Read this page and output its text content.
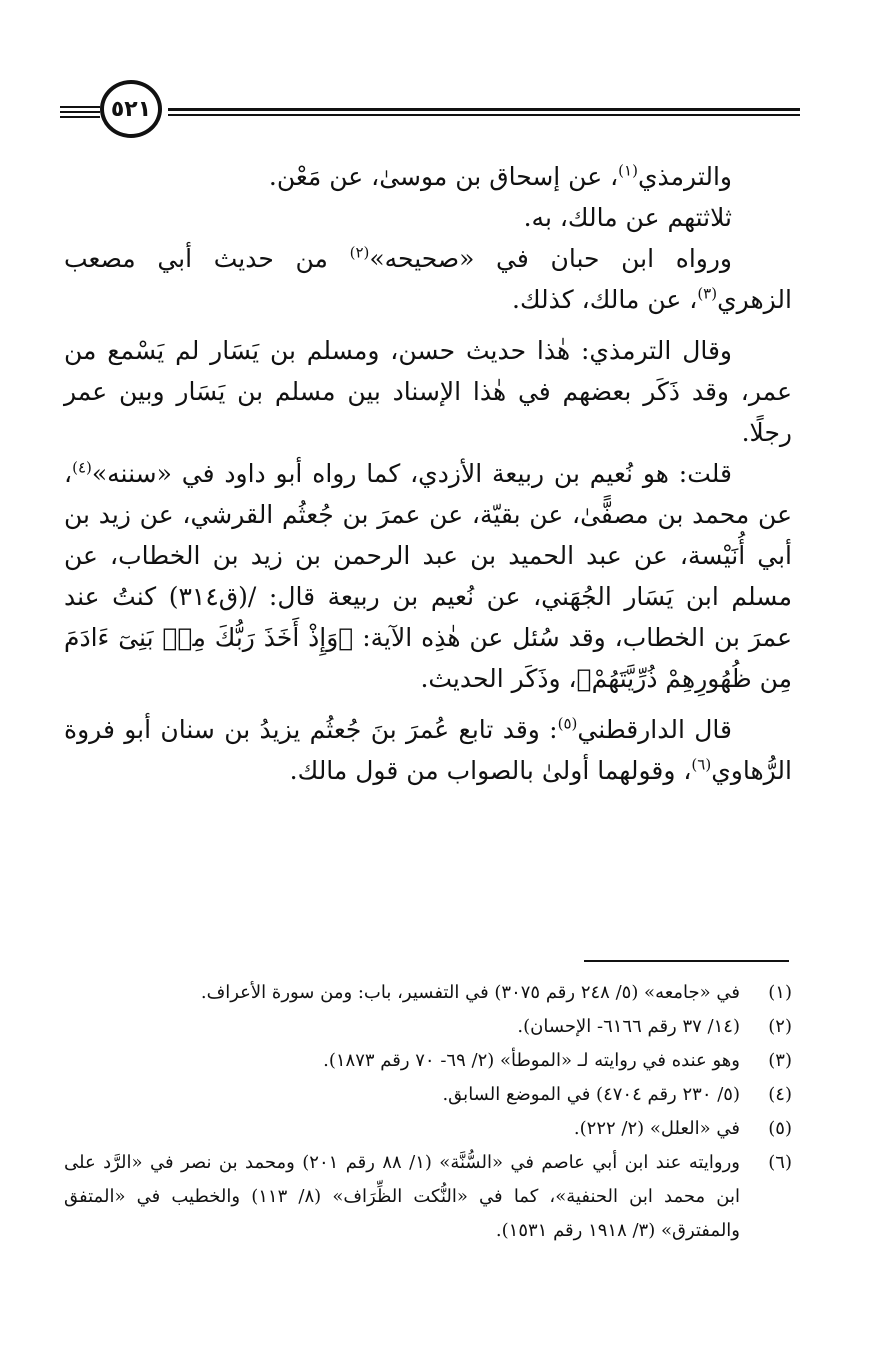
٥٢١

والترمذي$^{(١)}$، عن إسحاق بن موسىٰ، عن مَعْن.

ثلاثتهم عن مالك، به.

ورواه ابن حبان في «صحيحه»$^{(٢)}$ من حديث أبي مصعب الزهري$^{(٣)}$، عن مالك، كذلك.

وقال الترمذي: هٰذا حديث حسن، ومسلم بن يَسَار لم يَسْمع من عمر، وقد ذَكَر بعضهم في هٰذا الإسناد بين مسلم بن يَسَار وبين عمر رجلًا.

قلت: هو نُعيم بن ربيعة الأزدي، كما رواه أبو داود في «سننه»$^{(٤)}$، عن محمد بن مصفًّىٰ، عن بقيّة، عن عمرَ بن جُعثُم القرشي، عن زيد بن أبي أُنَيْسة، عن عبد الحميد بن عبد الرحمن بن زيد بن الخطاب، عن مسلم ابن يَسَار الجُهَني، عن نُعيم بن ربيعة قال: /(ق٣١٤) كنتُ عند عمرَ بن الخطاب، وقد سُئل عن هٰذِه الآية: ﴿وَإِذْ أَخَذَ رَبُّكَ مِنۢ بَنِىٓ ءَادَمَ مِن ظُهُورِهِمْ ذُرِّيَّتَهُمْ﴾، وذَكَر الحديث.

قال الدارقطني$^{(٥)}$: وقد تابع عُمرَ بنَ جُعثُم يزيدُ بن سنان أبو فروة الرُّهاوي$^{(٦)}$، وقولهما أولىٰ بالصواب من قول مالك.

(١)
في «جامعه» (٥/ ٢٤٨ رقم ٣٠٧٥) في التفسير، باب: ومن سورة الأعراف.
(٢)
(١٤/ ٣٧ رقم ٦١٦٦- الإحسان).
(٣)
وهو عنده في روايته لـ «الموطأ» (٢/ ٦٩- ٧٠ رقم ١٨٧٣).
(٤)
(٥/ ٢٣٠ رقم ٤٧٠٤) في الموضع السابق.
(٥)
في «العلل» (٢/ ٢٢٢).
(٦)
وروايته عند ابن أبي عاصم في «السُّنَّة» (١/ ٨٨ رقم ٢٠١) ومحمد بن نصر في «الرَّد على ابن محمد ابن الحنفية»، كما في «النُّكت الظِّرَاف» (٨/ ١١٣) والخطيب في «المتفق والمفترق» (٣/ ١٩١٨ رقم ١٥٣١).
